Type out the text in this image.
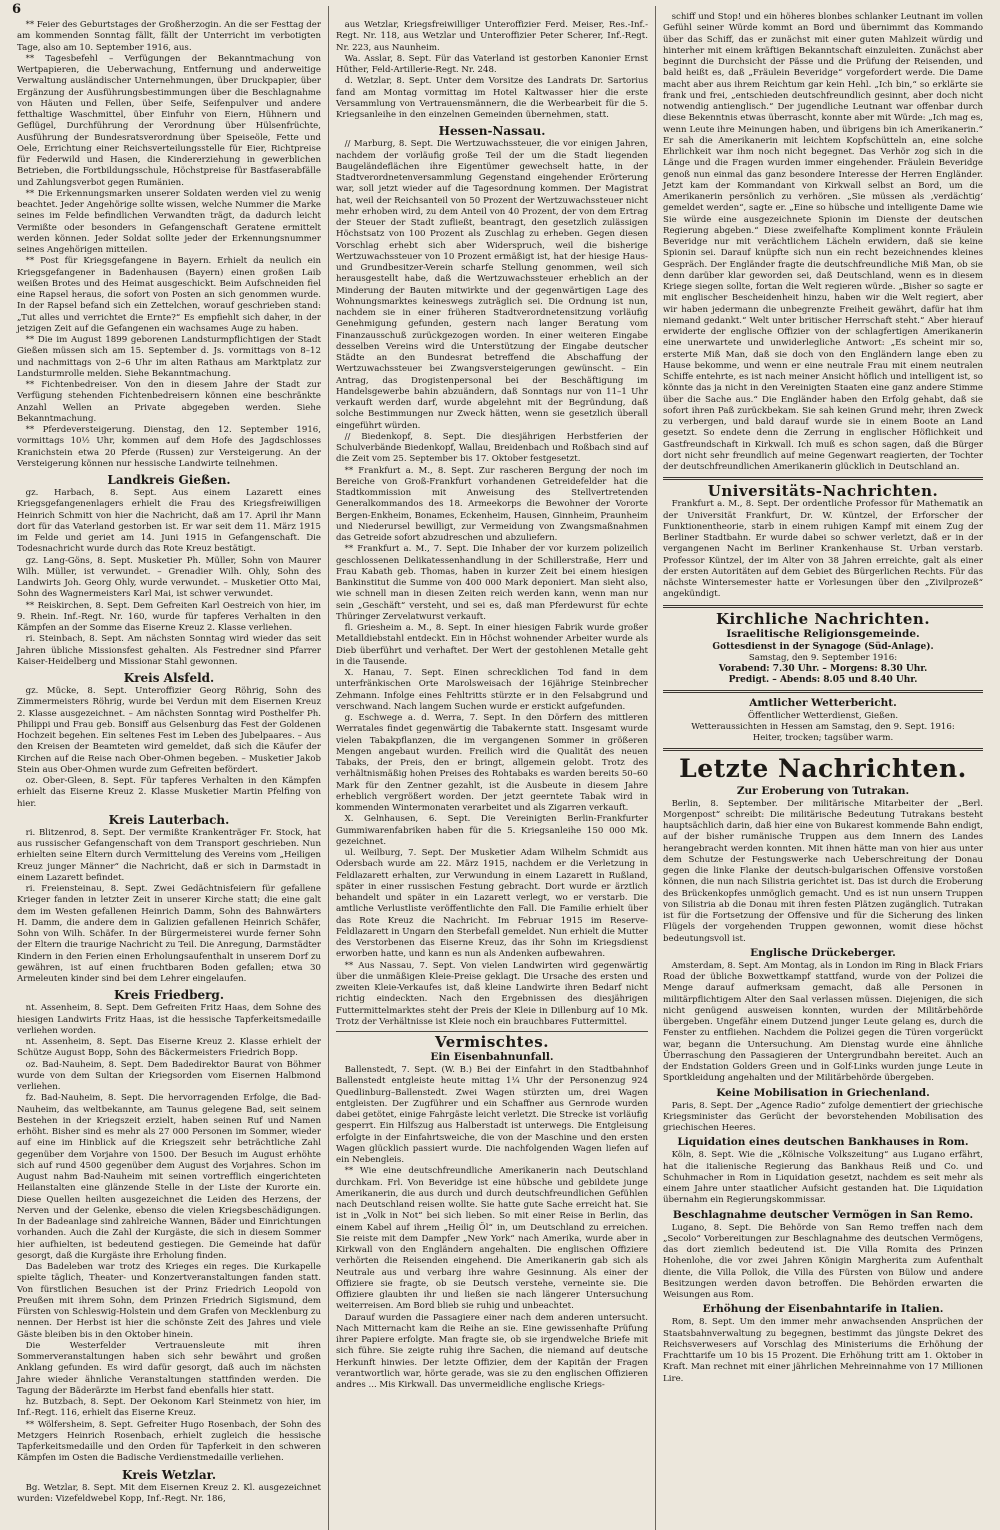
6

 ** Feier des Geburtstages der Großherzogin. An die ser Festtag der am kommenden Sonntag fällt, fällt der Unterricht im verbotigten Tage, also am 10. September 1916, aus.

 ** Tagesbefehl – Verfügungen der Bekanntmachung von Wertpapieren, die Ueberwachung, Entfernung und anderweitige Verwaltung ausländischer Unternehmungen, über Druckpapier, über Ergänzung der Ausführungsbestimmungen über die Beschlagnahme von Häuten und Fellen, über Seife, Seifenpulver und andere fetthaltige Waschmittel, über Einfuhr von Eiern, Hühnern und Geflügel, Durchführung der Verordnung über Hülsenfrüchte, Ausführung der Bundesratsverordnung über Speiseöle, Fette und Oele, Errichtung einer Reichsverteilungsstelle für Eier, Richtpreise für Federwild und Hasen, die Kindererziehung in gewerblichen Betrieben, die Fortbildungsschule, Höchstpreise für Bastfaserabfälle und Zahlungsverbot gegen Rumänien.

 ** Die Erkennungsmarken unserer Soldaten werden viel zu wenig beachtet. Jeder Angehörige sollte wissen, welche Nummer die Marke seines im Felde befindlichen Verwandten trägt, da dadurch leicht Vermißte oder besonders in Gefangenschaft Geratene ermittelt werden können. Jeder Soldat sollte jeder der Erkennungsnummer seines Angehörigen mitteilen.

 ** Post für Kriegsgefangene in Bayern. Erhielt da neulich ein Kriegsgefangener in Badenhausen (Bayern) einen großen Laib weißen Brotes und des Heimat ausgeschickt. Beim Aufschneiden fiel eine Rapsel heraus, die sofort von Posten an sich genommen wurde. In der Rapsel befand sich ein Zettelchen, worauf geschrieben stand: „Tut alles und verrichtet die Ernte?“ Es empfiehlt sich daher, in der jetzigen Zeit auf die Gefangenen ein wachsames Auge zu haben.

 ** Die im August 1899 geborenen Landsturmpflichtigen der Stadt Gießen müssen sich am 15. September d. Js. vormittags von 8–12 und nachmittags von 2–6 Uhr im alten Rathaus am Marktplatz zur Landsturmrolle melden. Siehe Bekanntmachung.

 ** Fichtenbedreiser. Von den in diesem Jahre der Stadt zur Verfügung stehenden Fichtenbedreisern können eine beschränkte Anzahl Wellen an Private abgegeben werden. Siehe Bekanntmachung.

 ** Pferdeversteigerung. Dienstag, den 12. September 1916, vormittags 10½ Uhr, kommen auf dem Hofe des Jagdschlosses Kranichstein etwa 20 Pferde (Russen) zur Versteigerung. An der Versteigerung können nur hessische Landwirte teilnehmen.

Landkreis Gießen.

 gz. Harbach, 8. Sept. Aus einem Lazarett eines Kriegsgefangenenlagers erhielt die Frau des Kriegsfreiwilligen Heinrich Schmitt von hier die Nachricht, daß am 17. April ihr Mann dort für das Vaterland gestorben ist. Er war seit dem 11. März 1915 im Felde und geriet am 14. Juni 1915 in Gefangenschaft. Die Todesnachricht wurde durch das Rote Kreuz bestätigt.

 gz. Lang-Göns, 8. Sept. Musketier Ph. Müller, Sohn von Maurer Wilh. Müller, ist verwundet. – Grenadier Wilh. Ohly, Sohn des Landwirts Joh. Georg Ohly, wurde verwundet. – Musketier Otto Mai, Sohn des Wagnermeisters Karl Mai, ist schwer verwundet.

 ** Reiskirchen, 8. Sept. Dem Gefreiten Karl Oestreich von hier, im 9. Rhein. Inf.-Regt. Nr. 160, wurde für tapferes Verhalten in den Kämpfen an der Somme das Eiserne Kreuz 2. Klasse verliehen.

 ri. Steinbach, 8. Sept. Am nächsten Sonntag wird wieder das seit Jahren übliche Missionsfest gehalten. Als Festredner sind Pfarrer Kaiser-Heidelberg und Missionar Stahl gewonnen.

Kreis Alsfeld.

 gz. Mücke, 8. Sept. Unteroffizier Georg Röhrig, Sohn des Zimmermeisters Röhrig, wurde bei Verdun mit dem Eisernen Kreuz 2. Klasse ausgezeichnet. – Am nächsten Sonntag wird Posthelfer Ph. Philippi und Frau geb. Bonsiff aus Gelsenburg das Fest der Goldenen Hochzeit begehen. Ein seltenes Fest im Leben des Jubelpaares. – Aus den Kreisen der Beamteten wird gemeldet, daß sich die Käufer der Kirchen auf die Reise nach Ober-Ohmen begeben. – Musketier Jakob Stein aus Ober-Ohmen wurde zum Gefreiten befördert.

 oz. Ober-Gleen, 8. Sept. Für tapferes Verhalten in den Kämpfen erhielt das Eiserne Kreuz 2. Klasse Musketier Martin Pfelfing von hier.

Kreis Lauterbach.

 ri. Blitzenrod, 8. Sept. Der vermißte Krankenträger Fr. Stock, hat aus russischer Gefangenschaft von dem Transport geschrieben. Nun erhielten seine Eltern durch Vermittelung des Vereins vom „Heiligen Kreuz junger Männer“ die Nachricht, daß er sich in Darmstadt in einem Lazarett befindet.

 ri. Freiensteinau, 8. Sept. Zwei Gedächtnisfeiern für gefallene Krieger fanden in letzter Zeit in unserer Kirche statt; die eine galt dem im Westen gefallenen Heinrich Damm, Sohn des Bahnwärters H. Damm, die andere dem in Galizien gefallenen Heinrich Schäfer, Sohn von Wilh. Schäfer. In der Bürgermeisterei wurde ferner Sohn der Eltern die traurige Nachricht zu Teil. Die Anregung, Darmstädter Kindern in den Ferien einen Erholungsaufenthalt in unserem Dorf zu gewähren, ist auf einen fruchtbaren Boden gefallen; etwa 30 Armeleuten kinder sind bei dem Lehrer eingelaufen.

Kreis Friedberg.

 nt. Assenheim, 8. Sept. Dem Gefreiten Fritz Haas, dem Sohne des hiesigen Landwirts Fritz Haas, ist die hessische Tapferkeitsmedaille verliehen worden.

 nt. Assenheim, 8. Sept. Das Eiserne Kreuz 2. Klasse erhielt der Schütze August Bopp, Sohn des Bäckermeisters Friedrich Bopp.

 oz. Bad-Nauheim, 8. Sept. Dem Badedirektor Baurat von Böhmer wurde von dem Sultan der Kriegsorden vom Eisernen Halbmond verliehen.

 fz. Bad-Nauheim, 8. Sept. Die hervorragenden Erfolge, die Bad-Nauheim, das weltbekannte, am Taunus gelegene Bad, seit seinem Bestehen in der Kriegszeit erzielt, haben seinen Ruf und Namen erhöht. Bisher sind es mehr als 27 000 Personen im Sommer, wieder auf eine im Hinblick auf die Kriegszeit sehr beträchtliche Zahl gegenüber dem Vorjahre von 1500. Der Besuch im August erhöhte sich auf rund 4500 gegenüber dem August des Vorjahres. Schon im August nahm Bad-Nauheim mit seinen vortrefflich eingerichteten Heilanstalten eine glänzende Stelle in der Liste der Kurorte ein. Diese Quellen heilten ausgezeichnet die Leiden des Herzens, der Nerven und der Gelenke, ebenso die vielen Kriegsbeschädigungen. In der Badeanlage sind zahlreiche Wannen, Bäder und Einrichtungen vorhanden. Auch die Zahl der Kurgäste, die sich in diesem Sommer hier aufhielten, ist bedeutend gestiegen. Die Gemeinde hat dafür gesorgt, daß die Kurgäste ihre Erholung finden.

 Das Badeleben war trotz des Krieges ein reges. Die Kurkapelle spielte täglich, Theater- und Konzertveranstaltungen fanden statt. Von fürstlichen Besuchen ist der Prinz Friedrich Leopold von Preußen mit ihrem Sohn, dem Prinzen Friedrich Sigismund, dem Fürsten von Schleswig-Holstein und dem Grafen von Mecklenburg zu nennen. Der Herbst ist hier die schönste Zeit des Jahres und viele Gäste bleiben bis in den Oktober hinein.

 Die Westerfelder Vertrauensleute mit ihren Sommerveranstaltungen haben sich sehr bewährt und großen Anklang gefunden. Es wird dafür gesorgt, daß auch im nächsten Jahre wieder ähnliche Veranstaltungen stattfinden werden. Die Tagung der Bäderärzte im Herbst fand ebenfalls hier statt.

 hz. Butzbach, 8. Sept. Der Oekonom Karl Steinmetz von hier, im Inf.-Regt. 116, erhielt das Eiserne Kreuz.

 ** Wölfersheim, 8. Sept. Gefreiter Hugo Rosenbach, der Sohn des Metzgers Heinrich Rosenbach, erhielt zugleich die hessische Tapferkeitsmedaille und den Orden für Tapferkeit in den schweren Kämpfen im Osten die Badische Verdienstmedaille verliehen.

Kreis Wetzlar.

 Bg. Wetzlar, 8. Sept. Mit dem Eisernen Kreuz 2. Kl. ausgezeichnet wurden: Vizefeldwebel Kopp, Inf.-Regt. Nr. 186,

 aus Wetzlar, Kriegsfreiwilliger Unteroffizier Ferd. Meiser, Res.-Inf.-Regt. Nr. 118, aus Wetzlar und Unteroffizier Peter Scherer, Inf.-Regt. Nr. 223, aus Naunheim.

 Wa. Asslar, 8. Sept. Für das Vaterland ist gestorben Kanonier Ernst Hüther, Feld-Artillerie-Regt. Nr. 248.

 d. Wetzlar, 8. Sept. Unter dem Vorsitze des Landrats Dr. Sartorius fand am Montag vormittag im Hotel Kaltwasser hier die erste Versammlung von Vertrauensmännern, die die Werbearbeit für die 5. Kriegsanleihe in den einzelnen Gemeinden übernehmen, statt.

Hessen-Nassau.

 // Marburg, 8. Sept. Die Wertzuwachssteuer, die vor einigen Jahren, nachdem der vorläufig große Teil der um die Stadt liegenden Baugeländeflächen ihre Eigentümer gewechselt hatte, in der Stadtverordnetenversammlung Gegenstand eingehender Erörterung war, soll jetzt wieder auf die Tagesordnung kommen. Der Magistrat hat, weil der Reichsanteil von 50 Prozent der Wertzuwachssteuer nicht mehr erhoben wird, zu dem Anteil von 40 Prozent, der von dem Ertrag der Steuer der Stadt zufließt, beantragt, den gesetzlich zulässigen Höchstsatz von 100 Prozent als Zuschlag zu erheben. Gegen diesen Vorschlag erhebt sich aber Widerspruch, weil die bisherige Wertzuwachssteuer von 10 Prozent ermäßigt ist, hat der hiesige Haus- und Grundbesitzer-Verein scharfe Stellung genommen, weil sich herausgestellt habe, daß die Wertzuwachssteuer erheblich an der Minderung der Bauten mitwirkte und der gegenwärtigen Lage des Wohnungsmarktes keineswegs zuträglich sei. Die Ordnung ist nun, nachdem sie in einer früheren Stadtverordnetensitzung vorläufig Genehmigung gefunden, gestern nach langer Beratung vom Finanzausschuß zurückgezogen worden. In einer weiteren Eingabe desselben Vereins wird die Unterstützung der Eingabe deutscher Städte an den Bundesrat betreffend die Abschaffung der Wertzuwachssteuer bei Zwangsversteigerungen gewünscht. – Ein Antrag, das Drogistenpersonal bei der Beschäftigung im Handelsgewerbe bahin abzuändern, daß Sonntags nur von 11–1 Uhr verkauft werden darf, wurde abgelehnt mit der Begründung, daß solche Bestimmungen nur Zweck hätten, wenn sie gesetzlich überall eingeführt würden.

 // Biedenkopf, 8. Sept. Die diesjährigen Herbstferien der Schulverbände Biedenkopf, Wallau, Breidenbach und Roßbach sind auf die Zeit vom 25. September bis 17. Oktober festgesetzt.

 ** Frankfurt a. M., 8. Sept. Zur rascheren Bergung der noch im Bereiche von Groß-Frankfurt vorhandenen Getreidefelder hat die Stadtkommission mit Anweisung des Stellvertretenden Generalkommandos des 18. Armeekorps die Bewohner der Vororte Bergen-Enkheim, Bonames, Eckenheim, Hausen, Ginnheim, Praunheim und Niederursel bewilligt, zur Vermeidung von Zwangsmaßnahmen das Getreide sofort abzudreschen und abzuliefern.

 ** Frankfurt a. M., 7. Sept. Die Inhaber der vor kurzem polizeilich geschlossenen Delikatessenhandlung in der Schillerstraße, Herr und Frau Kabath geb. Thomas, haben in kurzer Zeit bei einem hiesigen Bankinstitut die Summe von 400 000 Mark deponiert. Man sieht also, wie schnell man in diesen Zeiten reich werden kann, wenn man nur sein „Geschäft“ versteht, und sei es, daß man Pferdewurst für echte Thüringer Zervelatwurst verkauft.

 fl. Griesheim a. M., 8. Sept. In einer hiesigen Fabrik wurde großer Metalldiebstahl entdeckt. Ein in Höchst wohnender Arbeiter wurde als Dieb überführt und verhaftet. Der Wert der gestohlenen Metalle geht in die Tausende.

 X. Hanau, 7. Sept. Einen schrecklichen Tod fand in dem unterfränkischen Orte Marolsweisach der 16jährige Steinbrecher Zehmann. Infolge eines Fehltritts stürzte er in den Felsabgrund und verschwand. Nach langem Suchen wurde er erstickt aufgefunden.

 g. Eschwege a. d. Werra, 7. Sept. In den Dörfern des mittleren Werratales findet gegenwärtig die Tabakernte statt. Insgesamt wurde vielen Tabakpflanzen, die im vergangenen Sommer in größeren Mengen angebaut wurden. Freilich wird die Qualität des neuen Tabaks, der Preis, den er bringt, allgemein gelobt. Trotz des verhältnismäßig hohen Preises des Rohtabaks es warden bereits 50–60 Mark für den Zentner gezahlt, ist die Ausbeute in diesem Jahre erheblich vergrößert worden. Der jetzt geerntete Tabak wird in kommenden Wintermonaten verarbeitet und als Zigarren verkauft.

 X. Gelnhausen, 6. Sept. Die Vereinigten Berlin-Frankfurter Gummiwarenfabriken haben für die 5. Kriegsanleihe 150 000 Mk. gezeichnet.

 ul. Weilburg, 7. Sept. Der Musketier Adam Wilhelm Schmidt aus Odersbach wurde am 22. März 1915, nachdem er die Verletzung in Feldlazarett erhalten, zur Verwundung in einem Lazarett in Rußland, später in einer russischen Festung gebracht. Dort wurde er ärztlich behandelt und später in ein Lazarett verlegt, wo er verstarb. Die amtliche Verlustliste veröffentlichte den Fall. Die Familie erhielt über das Rote Kreuz die Nachricht. Im Februar 1915 im Reserve-Feldlazarett in Ungarn den Sterbefall gemeldet. Nun erhielt die Mutter des Verstorbenen das Eiserne Kreuz, das ihr Sohn im Kriegsdienst erworben hatte, und kann es nun als Andenken aufbewahren.

 ** Aus Nassau, 7. Sept. Von vielen Landwirten wird gegenwärtig über die unmäßigen Kleie-Preise geklagt. Die Ursache des ersten und zweiten Kleie-Verkaufes ist, daß kleine Landwirte ihren Bedarf nicht richtig eindeckten. Nach den Ergebnissen des diesjährigen Futtermittelmarktes steht der Preis der Kleie in Dillenburg auf 10 Mk. Trotz der Verhältnisse ist Kleie noch ein brauchbares Futtermittel.

Vermischtes.
Ein Eisenbahnunfall.

 Ballenstedt, 7. Sept. (W. B.) Bei der Einfahrt in den Stadtbahnhof Ballenstedt entgleiste heute mittag 1¼ Uhr der Personenzug 924 Quedlinburg–Ballenstedt. Zwei Wagen stürzten um, drei Wagen entgleisten. Der Zugführer und ein Schaffner aus Gernrode wurden dabei getötet, einige Fahrgäste leicht verletzt. Die Strecke ist vorläufig gesperrt. Ein Hilfszug aus Halberstadt ist unterwegs. Die Entgleisung erfolgte in der Einfahrtsweiche, die von der Maschine und den ersten Wagen glücklich passiert wurde. Die nachfolgenden Wagen liefen auf ein Nebengleis.

 ** Wie eine deutschfreundliche Amerikanerin nach Deutschland durchkam. Frl. Von Beveridge ist eine hübsche und gebildete junge Amerikanerin, die aus durch und durch deutschfreundlichen Gefühlen nach Deutschland reisen wollte. Sie hatte gute Sache erreicht hat. Sie ist in „Volk in Not“ bei sich lieben. So mit einer Reise in Berlin, das einem Kabel auf ihrem „Heilig Öl“ in, um Deutschland zu erreichen. Sie reiste mit dem Dampfer „New York“ nach Amerika, wurde aber in Kirkwall von den Engländern angehalten. Die englischen Offiziere verhörten die Reisenden eingehend. Die Amerikanerin gab sich als Neutrale aus und verbarg ihre wahre Gesinnung. Als einer der Offiziere sie fragte, ob sie Deutsch verstehe, verneinte sie. Die Offiziere glaubten ihr und ließen sie nach längerer Untersuchung weiterreisen. Am Bord blieb sie ruhig und unbeachtet.

 Darauf wurden die Passagiere einer nach dem anderen untersucht. Nach Mitternacht kam die Reihe an sie. Eine gewissenhafte Prüfung ihrer Papiere erfolgte. Man fragte sie, ob sie irgendwelche Briefe mit sich führe. Sie zeigte ruhig ihre Sachen, die niemand auf deutsche Herkunft hinwies. Der letzte Offizier, dem der Kapitän der Fragen verantwortlich war, hörte gerade, was sie zu den englischen Offizieren andres ... Mis Kirkwall. Das unvermeidliche englische Kriegs-

 schiff und Stop! und ein höheres blonbes schlanker Leutnant im vollen Gefühl seiner Würde kommt an Bord und übernimmt das Kommando über das Schiff, das er zunächst mit einer guten Mahlzeit würdig und hinterher mit einem kräftigen Bekanntschaft einzuleiten. Zunächst aber beginnt die Durchsicht der Pässe und die Prüfung der Reisenden, und bald heißt es, daß „Fräulein Beveridge“ vorgefordert werde. Die Dame macht aber aus ihrem Reichtum gar kein Hehl. „Ich bin,“ so erklärte sie frank und frei, „entschieden deutschfreundlich gesinnt, aber doch nicht notwendig antienglisch.“ Der jugendliche Leutnant war offenbar durch diese Bekenntnis etwas überrascht, konnte aber mit Würde: „Ich mag es, wenn Leute ihre Meinungen haben, und übrigens bin ich Amerikanerin.“ Er sah die Amerikanerin mit leichtem Kopfschütteln an, eine solche Ehrlichkeit war ihm noch nicht begegnet. Das Verhör zog sich in die Länge und die Fragen wurden immer eingehender. Fräulein Beveridge genoß nun einmal das ganz besondere Interesse der Herren Engländer. Jetzt kam der Kommandant von Kirkwall selbst an Bord, um die Amerikanerin persönlich zu verhören. „Sie müssen als ‚verdächtig‘ gemeldet werden“, sagte er. „Eine so hübsche und intelligente Dame wie Sie würde eine ausgezeichnete Spionin im Dienste der deutschen Regierung abgeben.“ Diese zweifelhafte Kompliment konnte Fräulein Beveridge nur mit verächtlichem Lächeln erwidern, daß sie keine Spionin sei. Darauf knüpfte sich nun ein recht bezeichnendes kleines Gespräch. Der Engländer fragte die deutschfreundliche Miß Man, ob sie denn darüber klar geworden sei, daß Deutschland, wenn es in diesem Kriege siegen sollte, fortan die Welt regieren würde. „Bisher so sagte er mit englischer Bescheidenheit hinzu, haben wir die Welt regiert, aber wir haben jedermann die unbegrenzte Freiheit gewährt, dafür hat ihm niemand gedankt.“ Welt unter britischer Herrschaft steht.“ Aber hierauf erwiderte der englische Offizier von der schlagfertigen Amerikanerin eine unerwartete und unwiderlegliche Antwort: „Es scheint mir so, ersterte Miß Man, daß sie doch von den Engländern lange eben zu Hause bekomme, und wenn er eine neutrale Frau mit einem neutralen Schiffe entehrte, es ist nach meiner Ansicht höflich und intelligent ist, so könnte das ja nicht in den Vereinigten Staaten eine ganz andere Stimme über die Sache aus.“ Die Engländer haben den Erfolg gehabt, daß sie sofort ihren Paß zurückbekam. Sie sah keinen Grund mehr, ihren Zweck zu verbergen, und bald darauf wurde sie in einem Boote an Land gesetzt. So endete denn die Zerrung in englischer Höflichkeit und Gastfreundschaft in Kirkwall. Ich muß es schon sagen, daß die Bürger dort nicht sehr freundlich auf meine Gegenwart reagierten, der Tochter der deutschfreundlichen Amerikanerin glücklich in Deutschland an.

Universitäts-Nachrichten.

 Frankfurt a. M., 8. Sept. Der ordentliche Professor für Mathematik an der Universität Frankfurt, Dr. W. Küntzel, der Erforscher der Funktionentheorie, starb in einem ruhigen Kampf mit einem Zug der Berliner Stadtbahn. Er wurde dabei so schwer verletzt, daß er in der vergangenen Nacht im Berliner Krankenhause St. Urban verstarb. Professor Küntzel, der im Alter von 38 Jahren erreichte, galt als einer der ersten Autoritäten auf dem Gebiet des Bürgerlichen Rechts. Für das nächste Wintersemester hatte er Vorlesungen über den „Zivilprozeß“ angekündigt.

Kirchliche Nachrichten.
Israelitische Religionsgemeinde.

Gottesdienst in der Synagoge (Süd-Anlage).

Samstag, den 9. September 1916:

Vorabend: 7.30 Uhr. – Morgens: 8.30 Uhr.

Predigt. – Abends: 8.05 und 8.40 Uhr.

Amtlicher Wetterbericht.

Öffentlicher Wetterdienst, Gießen.

Wetteraussichten in Hessen am Samstag, den 9. Sept. 1916:

Heiter, trocken; tagsüber warm.

Letzte Nachrichten.
Zur Eroberung von Tutrakan.

 Berlin, 8. September. Der militärische Mitarbeiter der „Berl. Morgenpost“ schreibt: Die militärische Bedeutung Tutrakans besteht hauptsächlich darin, daß hier eine von Bukarest kommende Bahn endigt, auf der bisher rumänische Truppen aus dem Innern des Landes herangebracht werden konnten. Mit ihnen hätte man von hier aus unter dem Schutze der Festungswerke nach Ueberschreitung der Donau gegen die linke Flanke der deutsch-bulgarischen Offensive vorstoßen können, die nun nach Silistria gerichtet ist. Das ist durch die Eroberung des Brückenkopfes unmöglich gemacht. Und es ist nun unsern Truppen von Silistria ab die Donau mit ihren festen Plätzen zugänglich. Tutrakan ist für die Fortsetzung der Offensive und für die Sicherung des linken Flügels der vorgehenden Truppen gewonnen, womit diese höchst bedeutungsvoll ist.

Englische Drückeberger.

 Amsterdam, 8. Sept. Am Montag, als in London im Ring in Black Friars Road der übliche Boxwettkampf stattfand, wurde von der Polizei die Menge darauf aufmerksam gemacht, daß alle Personen in militärpflichtigem Alter den Saal verlassen müssen. Diejenigen, die sich nicht genügend ausweisen konnten, wurden der Militärbehörde übergeben. Ungefähr einem Dutzend junger Leute gelang es, durch die Fenster zu entfliehen. Nachdem die Polizei gegen die Türen vorgerückt war, begann die Untersuchung. Am Dienstag wurde eine ähnliche Überraschung den Passagieren der Untergrundbahn bereitet. Auch an der Endstation Golders Green und in Golf-Links wurden junge Leute in Sportkleidung angehalten und der Militärbehörde übergeben.

Keine Mobilisation in Griechenland.

 Paris, 8. Sept. Der „Agence Radio“ zufolge dementiert der griechische Kriegsminister das Gerücht der bevorstehenden Mobilisation des griechischen Heeres.

Liquidation eines deutschen Bankhauses in Rom.

 Köln, 8. Sept. Wie die „Kölnische Volkszeitung“ aus Lugano erfährt, hat die italienische Regierung das Bankhaus Reiß und Co. und Schuhmacher in Rom in Liquidation gesetzt, nachdem es seit mehr als einem Jahre unter staatlicher Aufsicht gestanden hat. Die Liquidation übernahm ein Regierungskommissar.

Beschlagnahme deutscher Vermögen in San Remo.

 Lugano, 8. Sept. Die Behörde von San Remo treffen nach dem „Secolo“ Vorbereitungen zur Beschlagnahme des deutschen Vermögens, das dort ziemlich bedeutend ist. Die Villa Romita des Prinzen Hohenlohe, die vor zwei Jahren Königin Margherita zum Aufenthalt diente, die Villa Pollok, die Villa des Fürsten von Bülow und andere Besitzungen werden davon betroffen. Die Behörden erwarten die Weisungen aus Rom.

Erhöhung der Eisenbahntarife in Italien.

 Rom, 8. Sept. Um den immer mehr anwachsenden Ansprüchen der Staatsbahnverwaltung zu begegnen, bestimmt das jüngste Dekret des Reichsverwesers auf Vorschlag des Ministeriums die Erhöhung der Frachttarife um 10 bis 15 Prozent. Die Erhöhung tritt am 1. Oktober in Kraft. Man rechnet mit einer jährlichen Mehreinnahme von 17 Millionen Lire.
